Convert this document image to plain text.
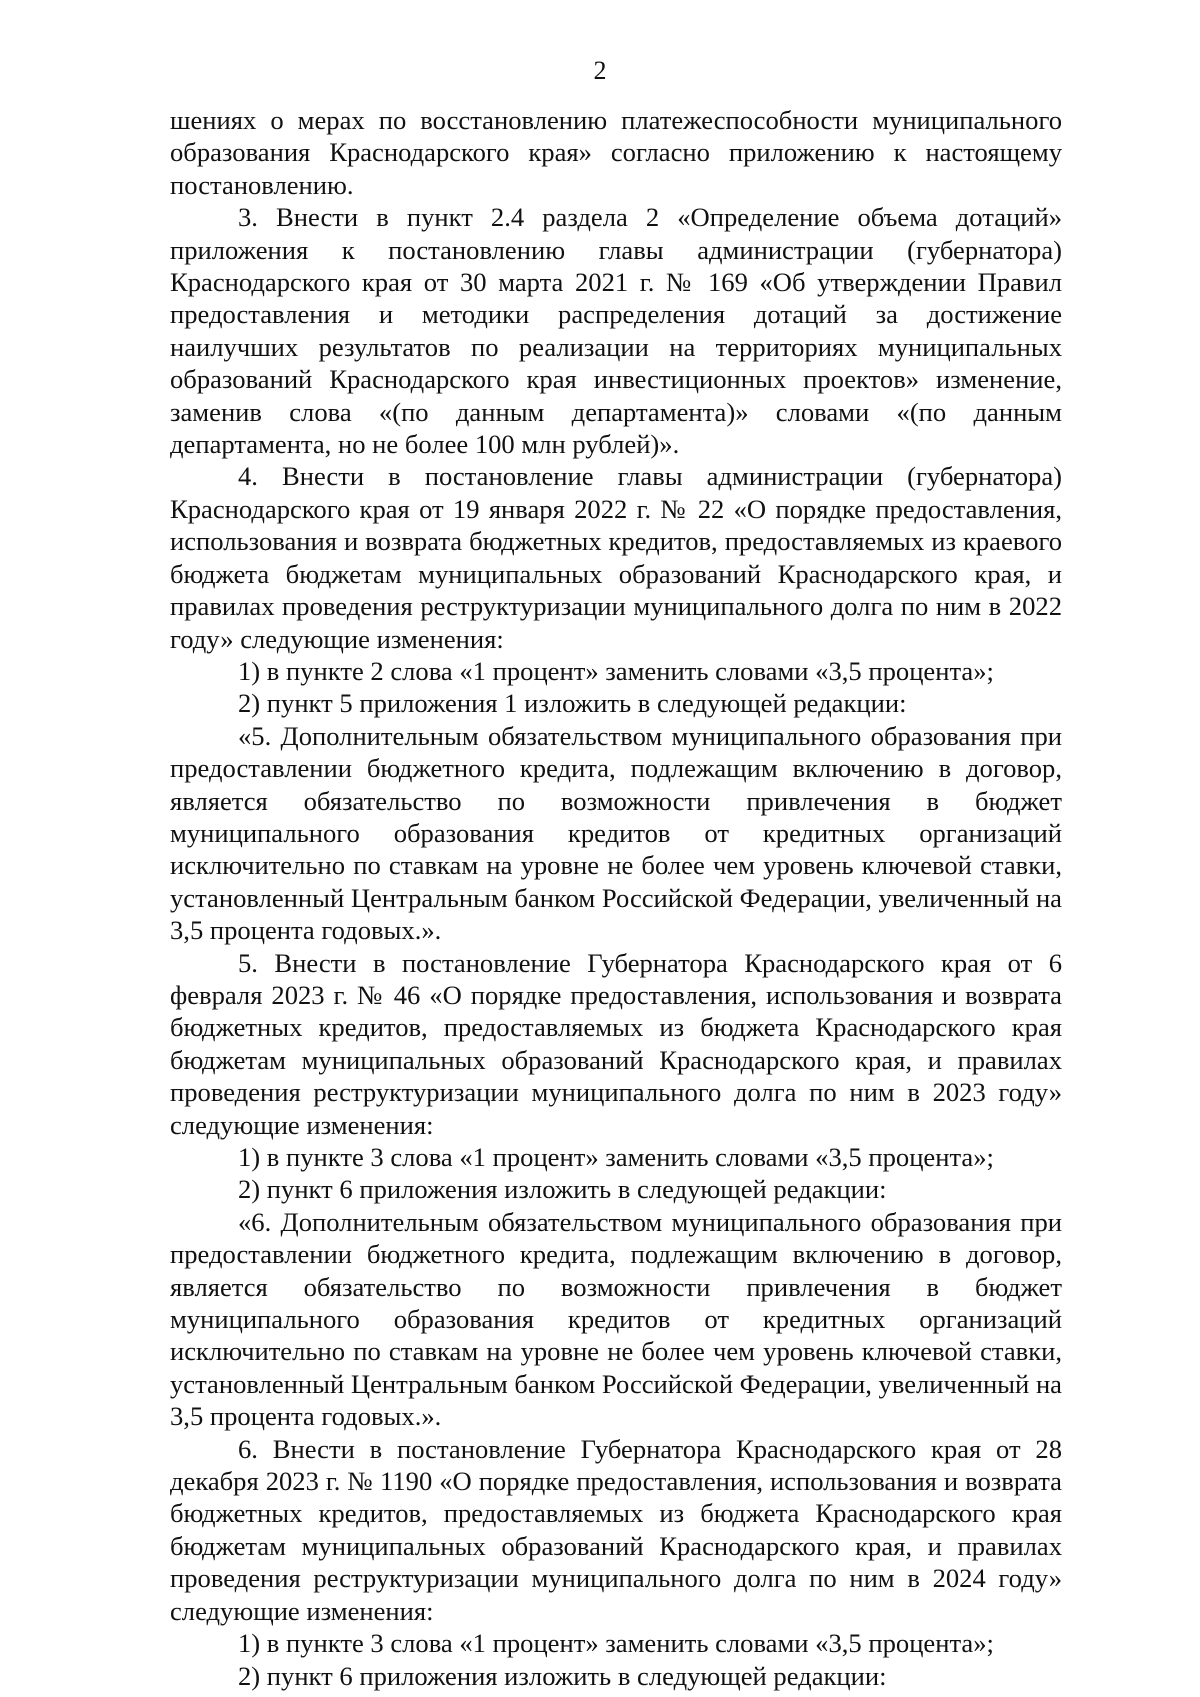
2

шениях о мерах по восстановлению платежеспособности муниципального образования Краснодарского края» согласно приложению к настоящему постановлению.

3. Внести в пункт 2.4 раздела 2 «Определение объема дотаций» приложения к постановлению главы администрации (губернатора) Краснодарского края от 30 марта 2021 г. № 169 «Об утверждении Правил предоставления и методики распределения дотаций за достижение наилучших результатов по реализации на территориях муниципальных образований Краснодарского края инвестиционных проектов» изменение, заменив слова «(по данным департамента)» словами «(по данным департамента, но не более 100 млн рублей)».

4. Внести в постановление главы администрации (губернатора) Краснодарского края от 19 января 2022 г. № 22 «О порядке предоставления, использования и возврата бюджетных кредитов, предоставляемых из краевого бюджета бюджетам муниципальных образований Краснодарского края, и правилах проведения реструктуризации муниципального долга по ним в 2022 году» следующие изменения:

1) в пункте 2 слова «1 процент» заменить словами «3,5 процента»;

2) пункт 5 приложения 1 изложить в следующей редакции:

«5. Дополнительным обязательством муниципального образования при предоставлении бюджетного кредита, подлежащим включению в договор, является обязательство по возможности привлечения в бюджет муниципального образования кредитов от кредитных организаций исключительно по ставкам на уровне не более чем уровень ключевой ставки, установленный Центральным банком Российской Федерации, увеличенный на 3,5 процента годовых.».

5. Внести в постановление Губернатора Краснодарского края от 6 февраля 2023 г. № 46 «О порядке предоставления, использования и возврата бюджетных кредитов, предоставляемых из бюджета Краснодарского края бюджетам муниципальных образований Краснодарского края, и правилах проведения реструктуризации муниципального долга по ним в 2023 году» следующие изменения:

1) в пункте 3 слова «1 процент» заменить словами «3,5 процента»;

2) пункт 6 приложения изложить в следующей редакции:

«6. Дополнительным обязательством муниципального образования при предоставлении бюджетного кредита, подлежащим включению в договор, является обязательство по возможности привлечения в бюджет муниципального образования кредитов от кредитных организаций исключительно по ставкам на уровне не более чем уровень ключевой ставки, установленный Центральным банком Российской Федерации, увеличенный на 3,5 процента годовых.».

6. Внести в постановление Губернатора Краснодарского края от 28 декабря 2023 г. № 1190 «О порядке предоставления, использования и возврата бюджетных кредитов, предоставляемых из бюджета Краснодарского края бюджетам муниципальных образований Краснодарского края, и правилах проведения реструктуризации муниципального долга по ним в 2024 году» следующие изменения:

1) в пункте 3 слова «1 процент» заменить словами «3,5 процента»;

2) пункт 6 приложения изложить в следующей редакции:
